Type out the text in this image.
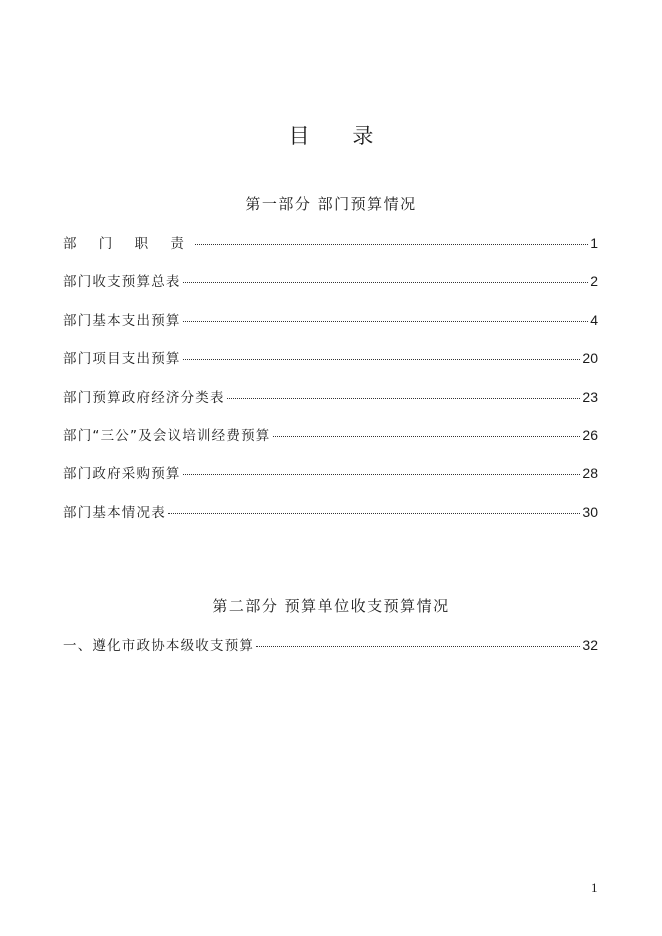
目 录
第一部分 部门预算情况
部 门 职 责	1
部门收支预算总表	2
部门基本支出预算	4
部门项目支出预算	20
部门预算政府经济分类表	23
部门“三公”及会议培训经费预算	26
部门政府采购预算	28
部门基本情况表	30
第二部分 预算单位收支预算情况
一、遵化市政协本级收支预算	32
1
